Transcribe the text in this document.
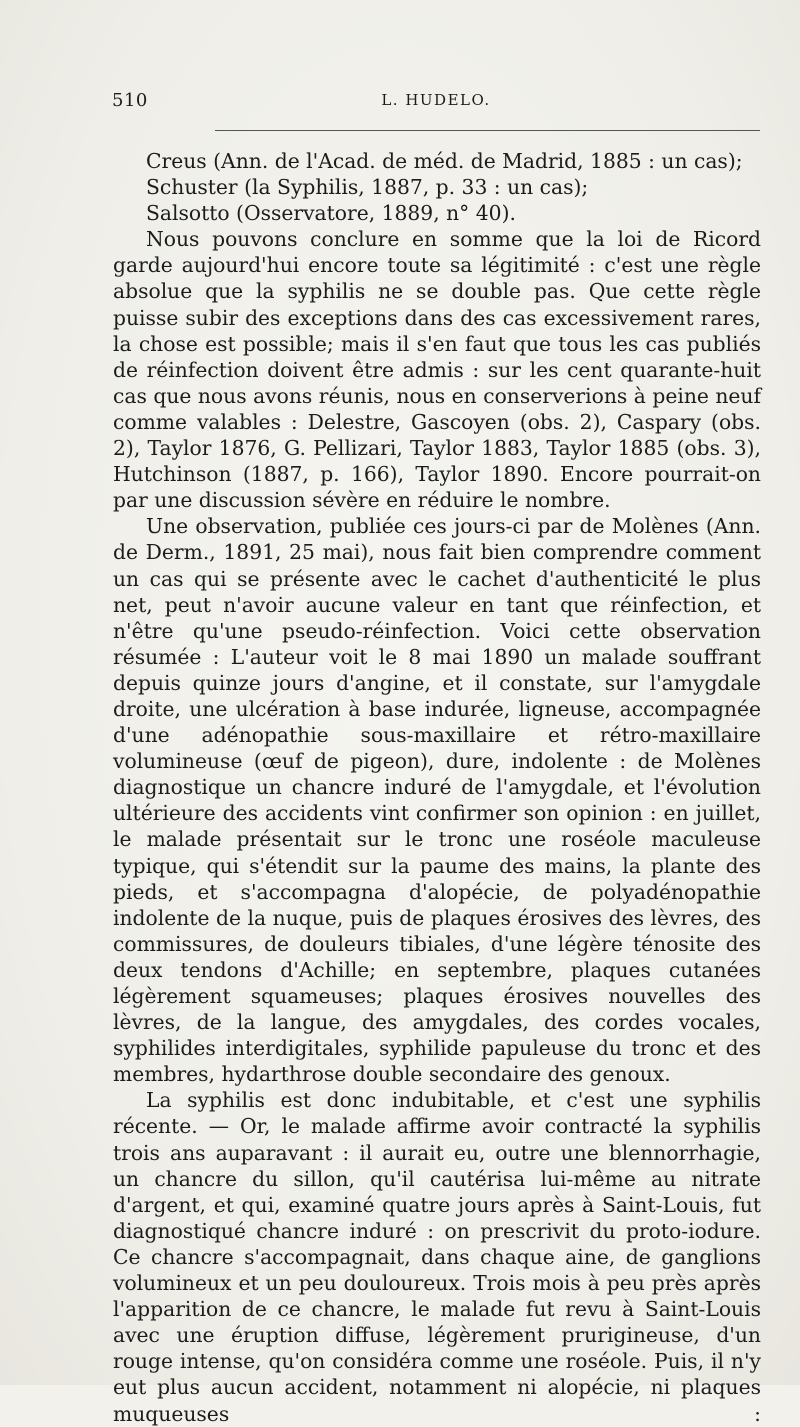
510	L. HUDELO.

Creus (Ann. de l'Acad. de méd. de Madrid, 1885 : un cas);

Schuster (la Syphilis, 1887, p. 33 : un cas);

Salsotto (Osservatore, 1889, n° 40).

Nous pouvons conclure en somme que la loi de Ricord garde aujourd'hui encore toute sa légitimité : c'est une règle absolue que la syphilis ne se double pas. Que cette règle puisse subir des exceptions dans des cas excessivement rares, la chose est possible; mais il s'en faut que tous les cas publiés de réinfection doivent être admis : sur les cent quarante-huit cas que nous avons réunis, nous en conserverions à peine neuf comme valables : Delestre, Gascoyen (obs. 2), Caspary (obs. 2), Taylor 1876, G. Pellizari, Taylor 1883, Taylor 1885 (obs. 3), Hutchinson (1887, p. 166), Taylor 1890. Encore pourrait-on par une discussion sévère en réduire le nombre.

Une observation, publiée ces jours-ci par de Molènes (Ann. de Derm., 1891, 25 mai), nous fait bien comprendre comment un cas qui se présente avec le cachet d'authenticité le plus net, peut n'avoir aucune valeur en tant que réinfection, et n'être qu'une pseudo-réinfection. Voici cette observation résumée : L'auteur voit le 8 mai 1890 un malade souffrant depuis quinze jours d'angine, et il constate, sur l'amygdale droite, une ulcération à base indurée, ligneuse, accompagnée d'une adénopathie sous-maxillaire et rétro-maxillaire volumineuse (œuf de pigeon), dure, indolente : de Molènes diagnostique un chancre induré de l'amygdale, et l'évolution ultérieure des accidents vint confirmer son opinion : en juillet, le malade présentait sur le tronc une roséole maculeuse typique, qui s'étendit sur la paume des mains, la plante des pieds, et s'accompagna d'alopécie, de polyadénopathie indolente de la nuque, puis de plaques érosives des lèvres, des commissures, de douleurs tibiales, d'une légère ténosite des deux tendons d'Achille; en septembre, plaques cutanées légèrement squameuses; plaques érosives nouvelles des lèvres, de la langue, des amygdales, des cordes vocales, syphilides interdigitales, syphilide papuleuse du tronc et des membres, hydarthrose double secondaire des genoux.

La syphilis est donc indubitable, et c'est une syphilis récente. — Or, le malade affirme avoir contracté la syphilis trois ans auparavant : il aurait eu, outre une blennorrhagie, un chancre du sillon, qu'il cautérisa lui-même au nitrate d'argent, et qui, examiné quatre jours après à Saint-Louis, fut diagnostiqué chancre induré : on prescrivit du proto-iodure. Ce chancre s'accompagnait, dans chaque aine, de ganglions volumineux et un peu douloureux. Trois mois à peu près après l'apparition de ce chancre, le malade fut revu à Saint-Louis avec une éruption diffuse, légèrement prurigineuse, d'un rouge intense, qu'on considéra comme une roséole. Puis, il n'y eut plus aucun accident, notamment ni alopécie, ni plaques muqueuses :
